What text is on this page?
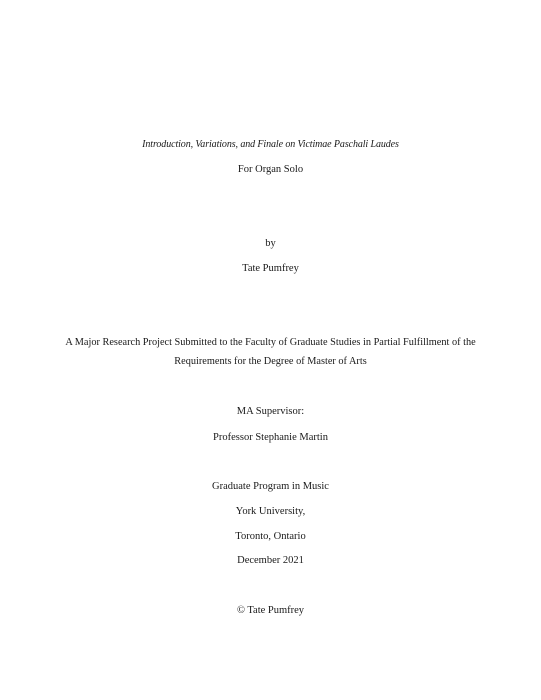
Introduction, Variations, and Finale on Victimae Paschali Laudes
For Organ Solo
by
Tate Pumfrey
A Major Research Project Submitted to the Faculty of Graduate Studies in Partial Fulfillment of the
Requirements for the Degree of Master of Arts
MA Supervisor:
Professor Stephanie Martin
Graduate Program in Music
York University,
Toronto, Ontario
December 2021
© Tate Pumfrey
